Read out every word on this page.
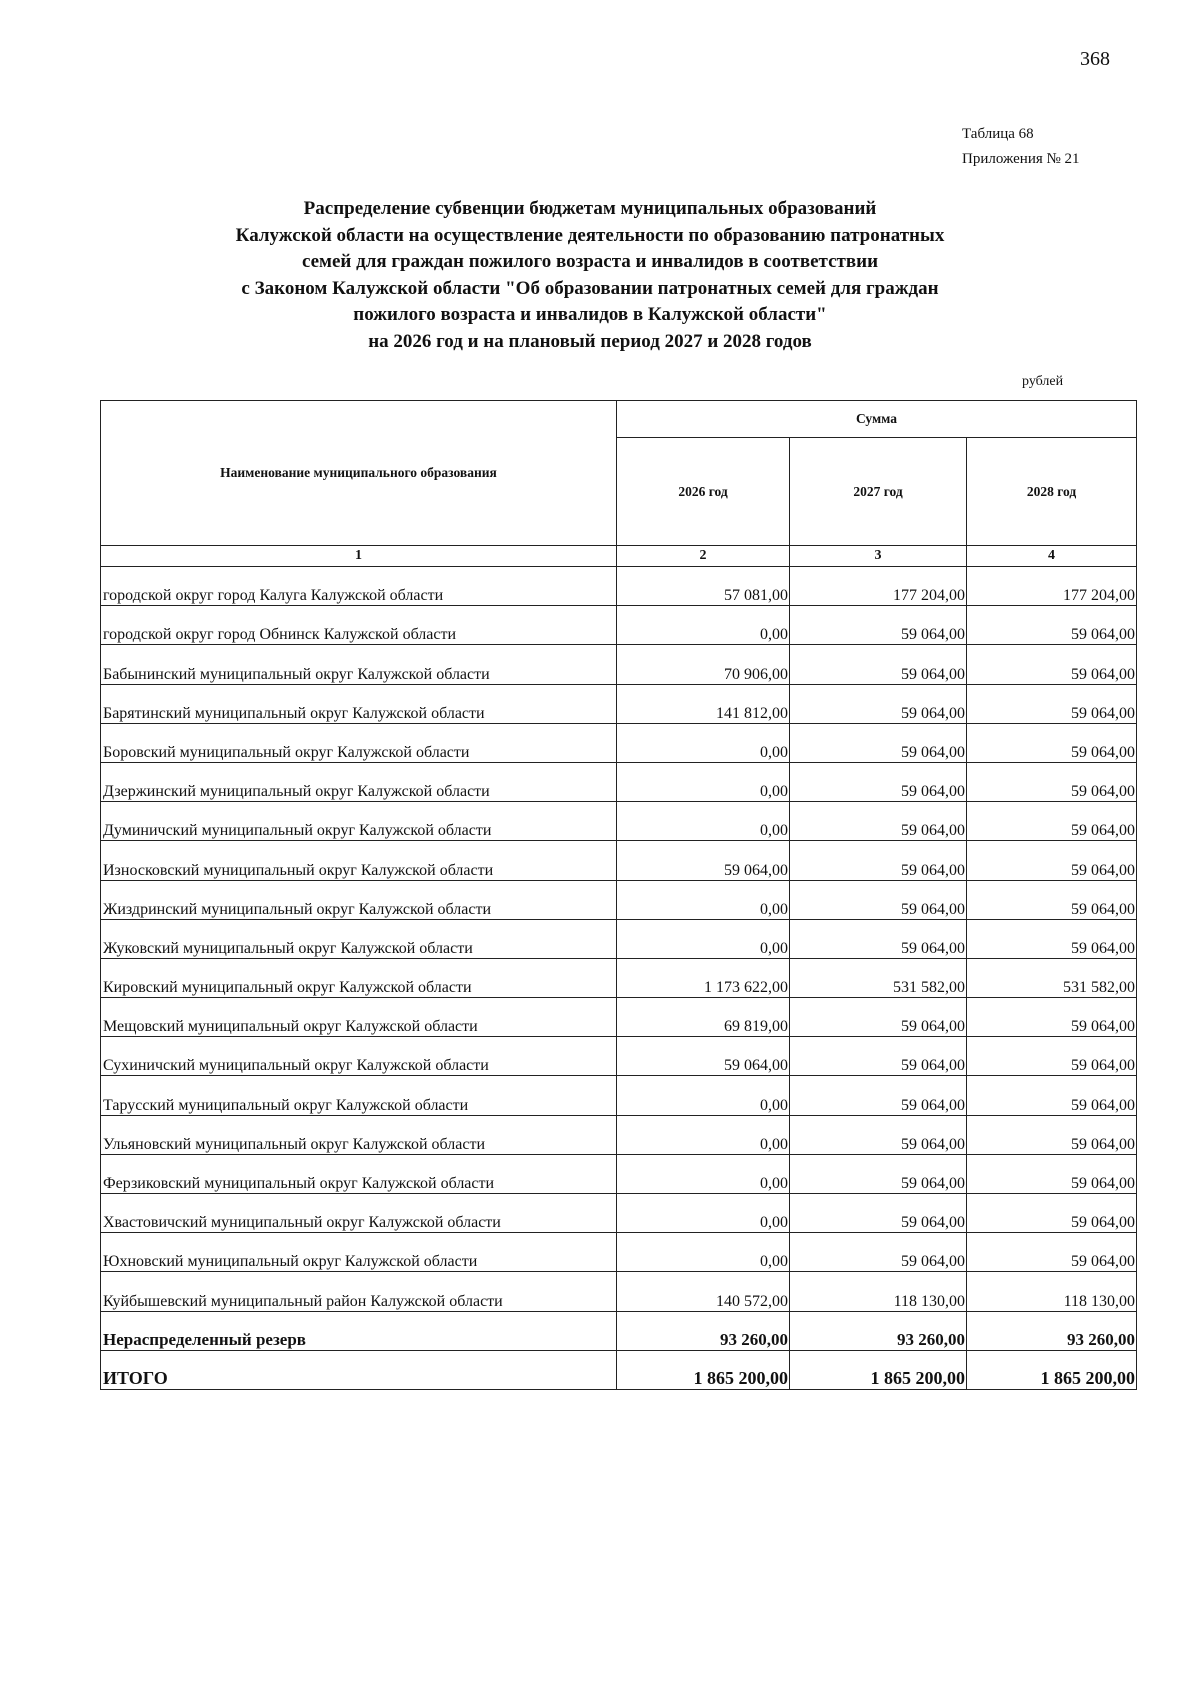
368
Таблица 68
Приложения № 21
Распределение субвенции бюджетам муниципальных образований
Калужской области на осуществление деятельности по образованию патронатных
семей для граждан пожилого возраста и инвалидов в соответствии
с Законом Калужской области "Об образовании патронатных семей для граждан
пожилого возраста и инвалидов в Калужской области"
на 2026 год и на плановый период 2027 и 2028 годов
рублей
Наименование муниципального образования	Сумма		
	2026 год	2027 год	2028 год
1	2	3	4
городской округ город Калуга Калужской области	57 081,00	177 204,00	177 204,00
городской округ город Обнинск Калужской области	0,00	59 064,00	59 064,00
Бабынинский муниципальный округ Калужской области	70 906,00	59 064,00	59 064,00
Барятинский муниципальный округ Калужской области	141 812,00	59 064,00	59 064,00
Боровский муниципальный округ Калужской области	0,00	59 064,00	59 064,00
Дзержинский муниципальный округ Калужской области	0,00	59 064,00	59 064,00
Думиничский муниципальный округ Калужской области	0,00	59 064,00	59 064,00
Износковский муниципальный округ Калужской области	59 064,00	59 064,00	59 064,00
Жиздринский муниципальный округ Калужской области	0,00	59 064,00	59 064,00
Жуковский муниципальный округ Калужской области	0,00	59 064,00	59 064,00
Кировский муниципальный округ Калужской области	1 173 622,00	531 582,00	531 582,00
Мещовский муниципальный округ Калужской области	69 819,00	59 064,00	59 064,00
Сухиничский муниципальный округ Калужской области	59 064,00	59 064,00	59 064,00
Тарусский муниципальный округ Калужской области	0,00	59 064,00	59 064,00
Ульяновский муниципальный округ Калужской области	0,00	59 064,00	59 064,00
Ферзиковский муниципальный округ Калужской области	0,00	59 064,00	59 064,00
Хвастовичский муниципальный округ Калужской области	0,00	59 064,00	59 064,00
Юхновский муниципальный округ Калужской области	0,00	59 064,00	59 064,00
Куйбышевский муниципальный район Калужской области	140 572,00	118 130,00	118 130,00
Нераспределенный резерв	93 260,00	93 260,00	93 260,00
ИТОГО	1 865 200,00	1 865 200,00	1 865 200,00
